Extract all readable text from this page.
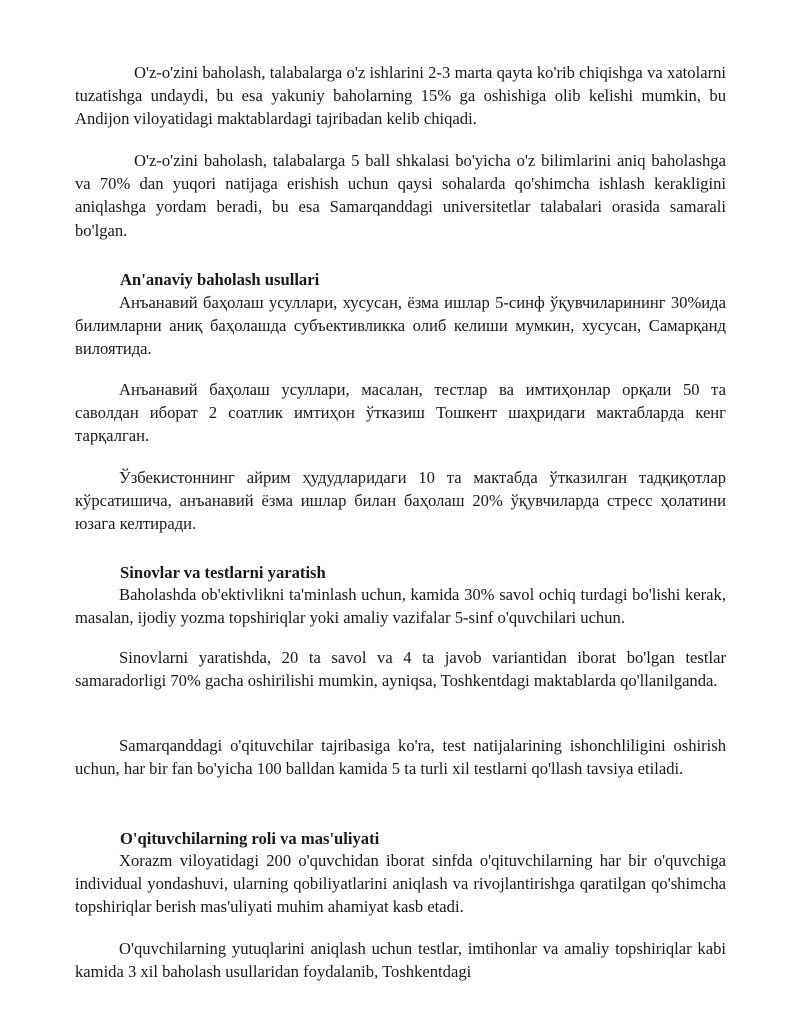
O'z-o'zini baholash, talabalarga o'z ishlarini 2-3 marta qayta ko'rib chiqishga va xatolarni tuzatishga undaydi, bu esa yakuniy baholarning 15% ga oshishiga olib kelishi mumkin, bu Andijon viloyatidagi maktablardagi tajribadan kelib chiqadi.

O'z-o'zini baholash, talabalarga 5 ball shkalasi bo'yicha o'z bilimlarini aniq baholashga va 70% dan yuqori natijaga erishish uchun qaysi sohalarda qo'shimcha ishlash kerakligini aniqlashga yordam beradi, bu esa Samarqanddagi universitetlar talabalari orasida samarali bo'lgan.

An'anaviy baholash usullari

Анъанавий баҳолаш усуллари, хусусан, ёзма ишлар 5-синф ўқувчиларининг 30%ида билимларни аниқ баҳолашда субъективликка олиб келиши мумкин, хусусан, Самарқанд вилоятида.

Анъанавий баҳолаш усуллари, масалан, тестлар ва имтиҳонлар орқали 50 та саволдан иборат 2 соатлик имтиҳон ўтказиш Тошкент шаҳридаги мактабларда кенг тарқалган.

Ўзбекистоннинг айрим ҳудудларидаги 10 та мактабда ўтказилган тадқиқотлар кўрсатишича, анъанавий ёзма ишлар билан баҳолаш 20% ўқувчиларда стресс ҳолатини юзага келтиради.

Sinovlar va testlarni yaratish

Baholashda ob'ektivlikni ta'minlash uchun, kamida 30% savol ochiq turdagi bo'lishi kerak, masalan, ijodiy yozma topshiriqlar yoki amaliy vazifalar 5-sinf o'quvchilari uchun.

Sinovlarni yaratishda, 20 ta savol va 4 ta javob variantidan iborat bo'lgan testlar samaradorligi 70% gacha oshirilishi mumkin, ayniqsa, Toshkentdagi maktablarda qo'llanilganda.

Samarqanddagi o'qituvchilar tajribasiga ko'ra, test natijalarining ishonchliligini oshirish uchun, har bir fan bo'yicha 100 balldan kamida 5 ta turli xil testlarni qo'llash tavsiya etiladi.

O'qituvchilarning roli va mas'uliyati

Xorazm viloyatidagi 200 o'quvchidan iborat sinfda o'qituvchilarning har bir o'quvchiga individual yondashuvi, ularning qobiliyatlarini aniqlash va rivojlantirishga qaratilgan qo'shimcha topshiriqlar berish mas'uliyati muhim ahamiyat kasb etadi.

O'quvchilarning yutuqlarini aniqlash uchun testlar, imtihonlar va amaliy topshiriqlar kabi kamida 3 xil baholash usullaridan foydalanib, Toshkentdagi
